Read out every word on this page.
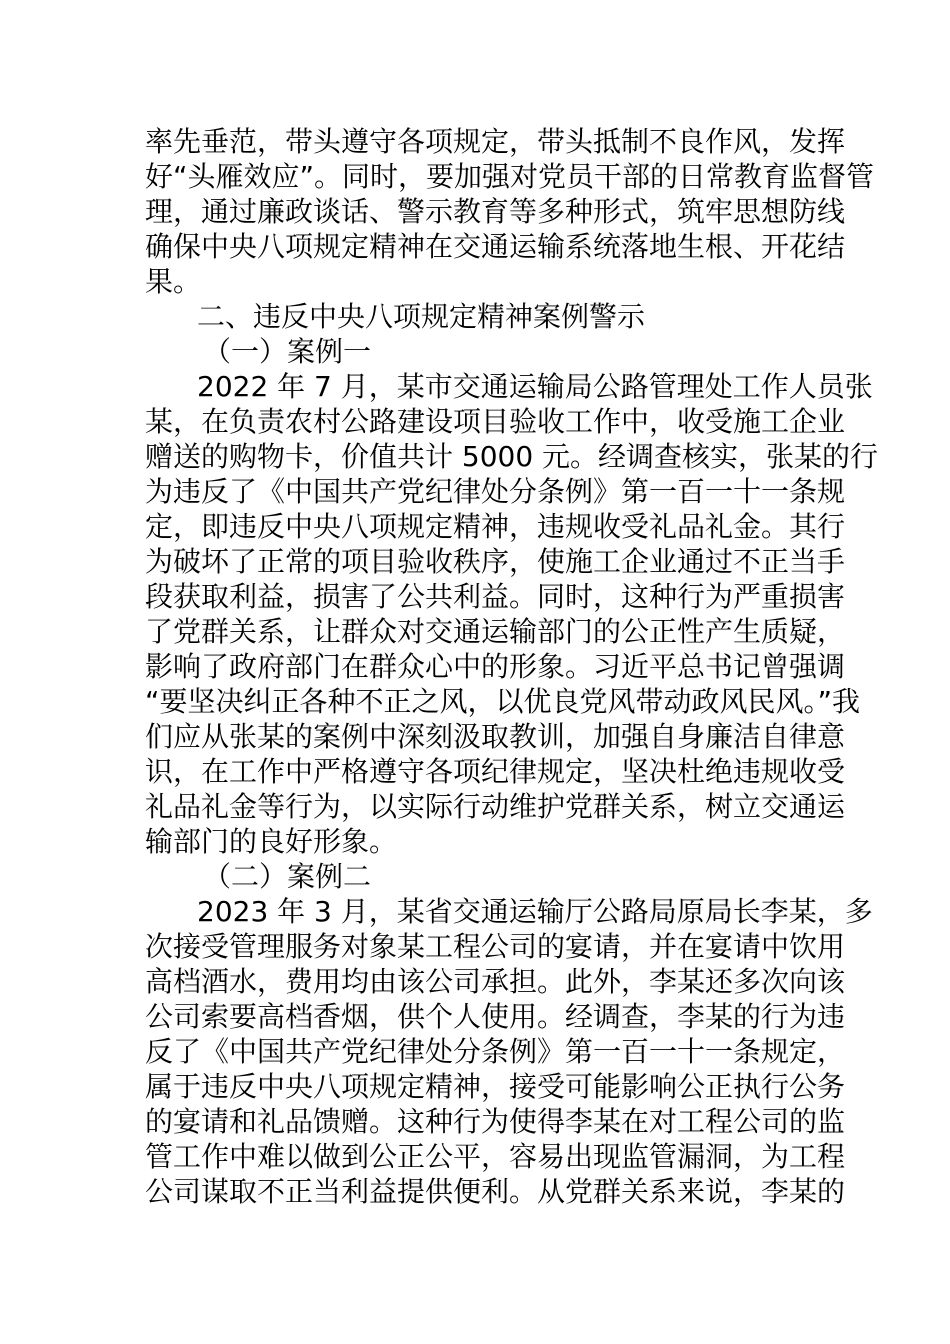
率先垂范，带头遵守各项规定，带头抵制不良作风，发挥
好“头雁效应”。同时，要加强对党员干部的日常教育监督管
理，通过廉政谈话、警示教育等多种形式，筑牢思想防线
确保中央八项规定精神在交通运输系统落地生根、开花结
果。
二、违反中央八项规定精神案例警示
（一）案例一
2022 年 7 月，某市交通运输局公路管理处工作人员张
某，在负责农村公路建设项目验收工作中，收受施工企业
赠送的购物卡，价值共计 5000 元。经调查核实，张某的行
为违反了《中国共产党纪律处分条例》第一百一十一条规
定，即违反中央八项规定精神，违规收受礼品礼金。其行
为破坏了正常的项目验收秩序，使施工企业通过不正当手
段获取利益，损害了公共利益。同时，这种行为严重损害
了党群关系，让群众对交通运输部门的公正性产生质疑，
影响了政府部门在群众心中的形象。习近平总书记曾强调
“要坚决纠正各种不正之风，以优良党风带动政风民风。”我
们应从张某的案例中深刻汲取教训，加强自身廉洁自律意
识，在工作中严格遵守各项纪律规定，坚决杜绝违规收受
礼品礼金等行为，以实际行动维护党群关系，树立交通运
输部门的良好形象。
（二）案例二
2023 年 3 月，某省交通运输厅公路局原局长李某，多
次接受管理服务对象某工程公司的宴请，并在宴请中饮用
高档酒水，费用均由该公司承担。此外，李某还多次向该
公司索要高档香烟，供个人使用。经调查，李某的行为违
反了《中国共产党纪律处分条例》第一百一十一条规定，
属于违反中央八项规定精神，接受可能影响公正执行公务
的宴请和礼品馈赠。这种行为使得李某在对工程公司的监
管工作中难以做到公正公平，容易出现监管漏洞，为工程
公司谋取不正当利益提供便利。从党群关系来说，李某的
